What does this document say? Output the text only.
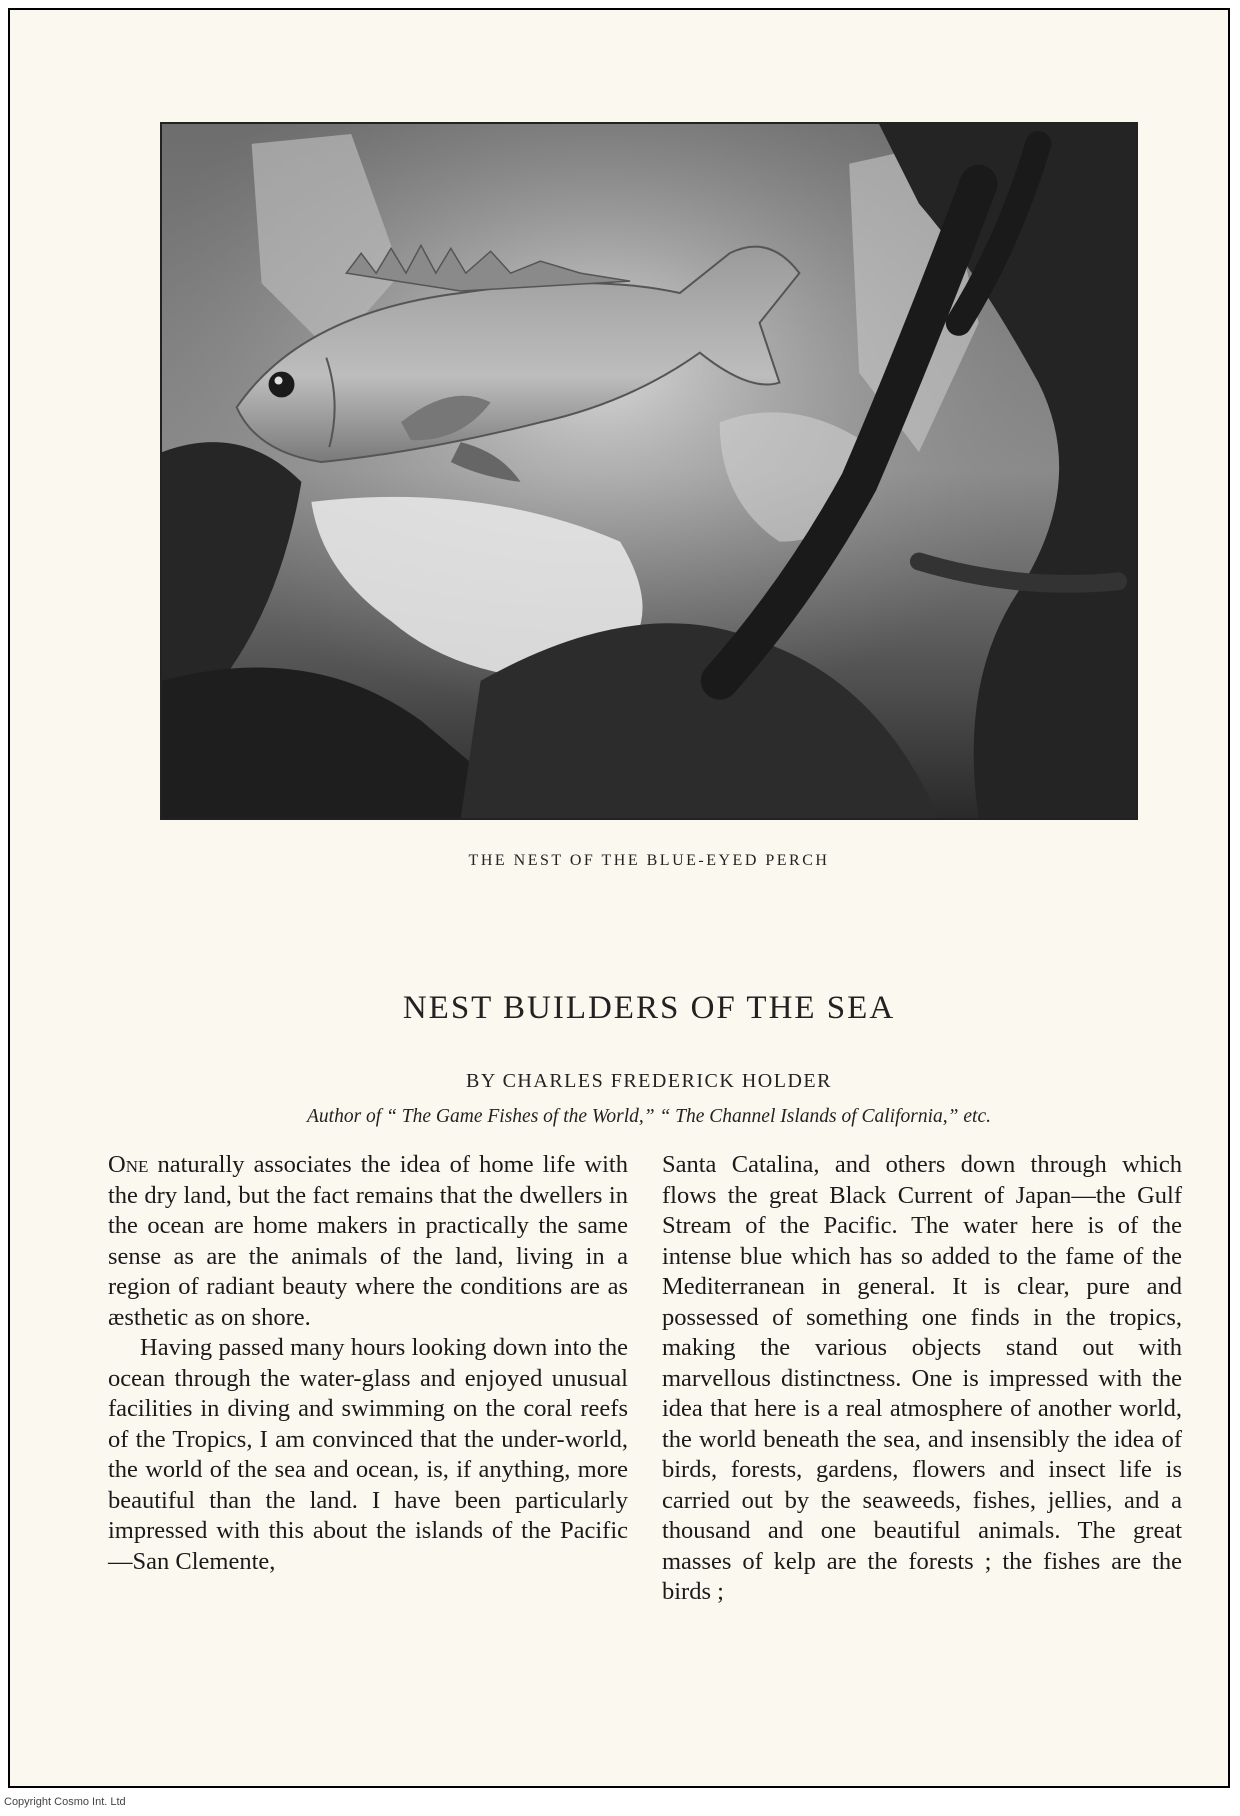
THE NEST OF THE BLUE-EYED PERCH
NEST BUILDERS OF THE SEA
BY CHARLES FREDERICK HOLDER
Author of “ The Game Fishes of the World,” “ The Channel Islands of California,” etc.

One naturally associates the idea of home life with the dry land, but the fact remains that the dwellers in the ocean are home makers in practically the same sense as are the animals of the land, living in a region of radiant beauty where the conditions are as æsthetic as on shore.

Having passed many hours looking down into the ocean through the water-glass and enjoyed unusual facilities in diving and swimming on the coral reefs of the Tropics, I am convinced that the under-world, the world of the sea and ocean, is, if anything, more beautiful than the land. I have been particularly impressed with this about the islands of the Pacific—San Clemente,

Santa Catalina, and others down through which flows the great Black Current of Japan—the Gulf Stream of the Pacific. The water here is of the intense blue which has so added to the fame of the Mediterranean in general. It is clear, pure and possessed of something one finds in the tropics, making the various objects stand out with marvellous distinctness. One is impressed with the idea that here is a real atmosphere of another world, the world beneath the sea, and insensibly the idea of birds, forests, gardens, flowers and insect life is carried out by the seaweeds, fishes, jellies, and a thousand and one beautiful animals. The great masses of kelp are the forests ; the fishes are the birds ;

Copyright Cosmo Int. Ltd
